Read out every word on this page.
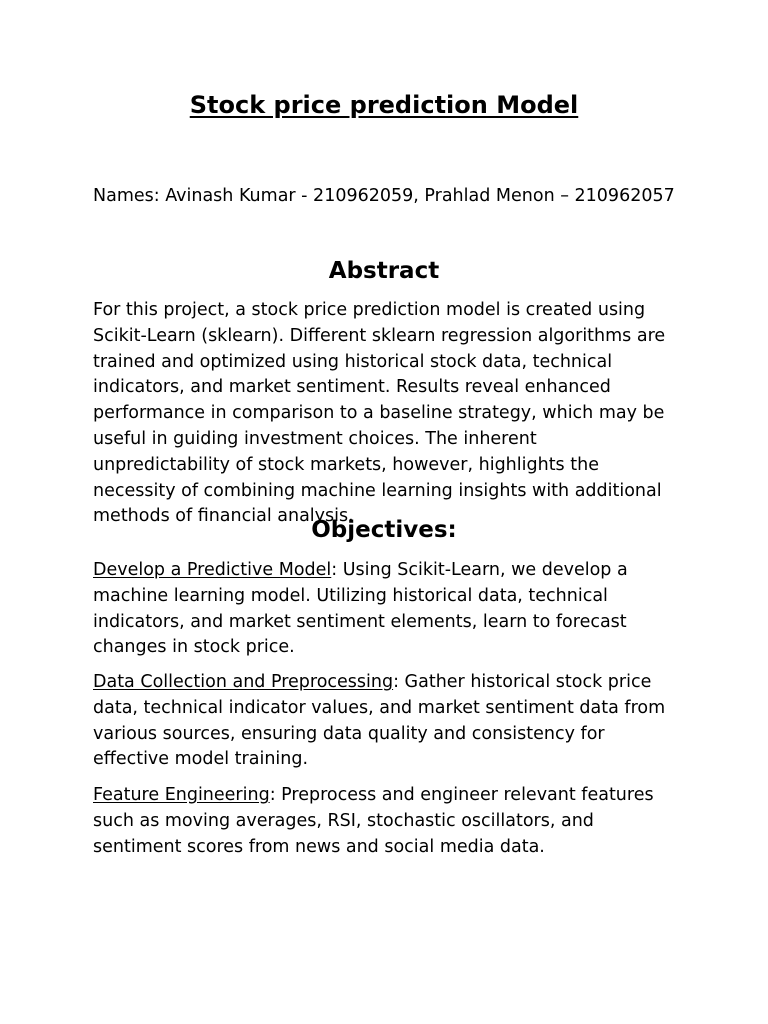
Stock price prediction Model
Names: Avinash Kumar - 210962059, Prahlad Menon – 210962057
Abstract
For this project, a stock price prediction model is created using Scikit-Learn (sklearn). Different sklearn regression algorithms are trained and optimized using historical stock data, technical indicators, and market sentiment. Results reveal enhanced performance in comparison to a baseline strategy, which may be useful in guiding investment choices. The inherent unpredictability of stock markets, however, highlights the necessity of combining machine learning insights with additional methods of financial analysis.
Objectives:
Develop a Predictive Model: Using Scikit-Learn, we develop a machine learning model. Utilizing historical data, technical indicators, and market sentiment elements, learn to forecast changes in stock price.
Data Collection and Preprocessing: Gather historical stock price data, technical indicator values, and market sentiment data from various sources, ensuring data quality and consistency for effective model training.
Feature Engineering: Preprocess and engineer relevant features such as moving averages, RSI, stochastic oscillators, and sentiment scores from news and social media data.
